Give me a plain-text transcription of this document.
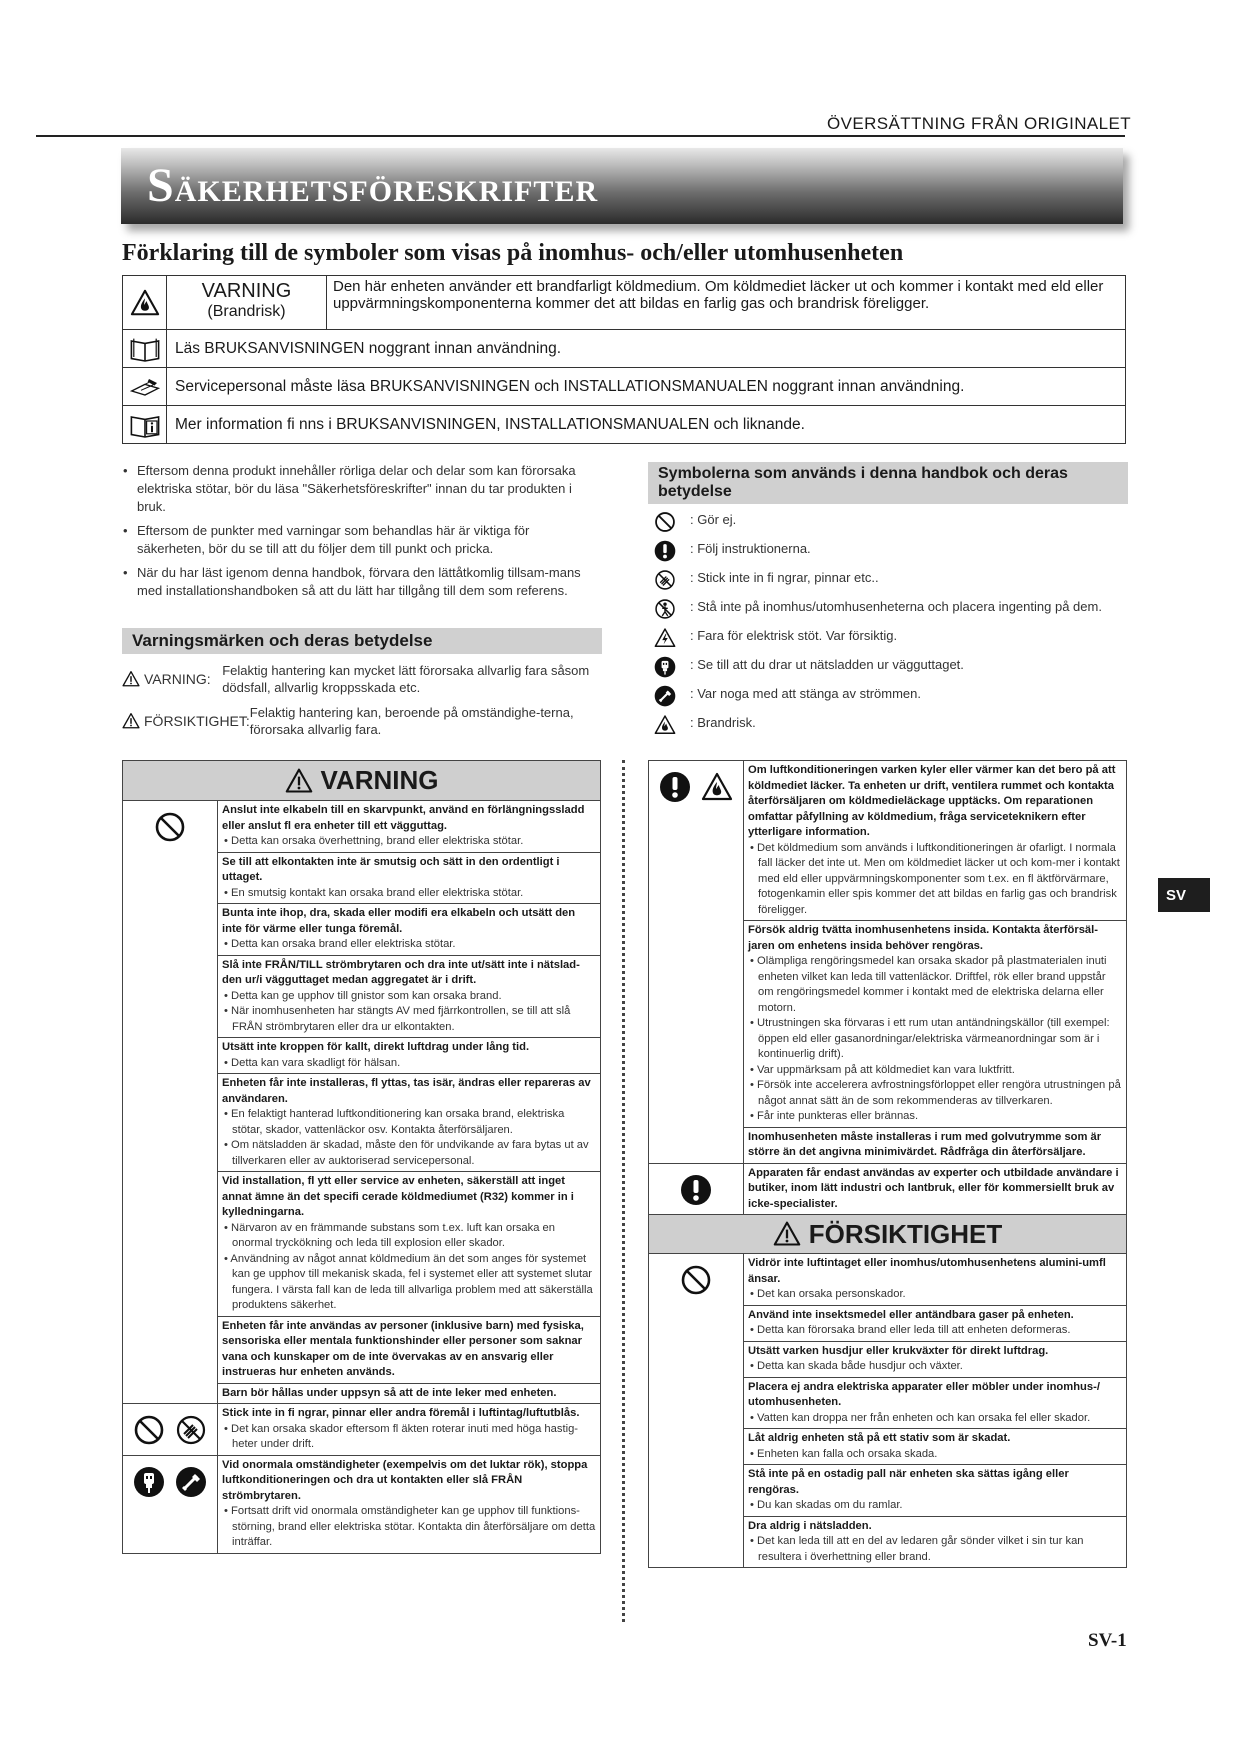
ÖVERSÄTTNING FRÅN ORIGINALET
SÄKERHETSFÖRESKRIFTER
Förklaring till de symboler som visas på inomhus- och/eller utomhusenheten
VARNING
(Brandrisk)
Den här enheten använder ett brandfarligt köldmedium. Om köldmediet läcker ut och kommer i kontakt med eld eller uppvärmningskomponenterna kommer det att bildas en farlig gas och brandrisk föreligger.
Läs BRUKSANVISNINGEN noggrant innan användning.
Servicepersonal måste läsa BRUKSANVISNINGEN och INSTALLATIONSMANUALEN noggrant innan användning.
Mer information fi nns i BRUKSANVISNINGEN, INSTALLATIONSMANUALEN och liknande.
• Eftersom denna produkt innehåller rörliga delar och delar som kan förorsaka elektriska stötar, bör du läsa "Säkerhetsföreskrifter" innan du tar produkten i bruk.
• Eftersom de punkter med varningar som behandlas här är viktiga för säkerheten, bör du se till att du följer dem till punkt och pricka.
• När du har läst igenom denna handbok, förvara den lättåtkomlig tillsam-mans med installationshandboken så att du lätt har tillgång till dem som referens.
Varningsmärken och deras betydelse
VARNING: Felaktig hantering kan mycket lätt förorsaka allvarlig fara såsom dödsfall, allvarlig kroppsskada etc.
FÖRSIKTIGHET: Felaktig hantering kan, beroende på omständighe-terna, förorsaka allvarlig fara.
Symbolerna som används i denna handbok och deras betydelse
: Gör ej.
: Följ instruktionerna.
: Stick inte in fi ngrar, pinnar etc..
: Stå inte på inomhus/utomhusenheterna och placera ingenting på dem.
: Fara för elektrisk stöt. Var försiktig.
: Se till att du drar ut nätsladden ur vägguttaget.
: Var noga med att stänga av strömmen.
: Brandrisk.
VARNING
Anslut inte elkabeln till en skarvpunkt, använd en förlängningssladd eller anslut fl era enheter till ett vägguttag.
• Detta kan orsaka överhettning, brand eller elektriska stötar.
Se till att elkontakten inte är smutsig och sätt in den ordentligt i uttaget.
• En smutsig kontakt kan orsaka brand eller elektriska stötar.
Bunta inte ihop, dra, skada eller modifi era elkabeln och utsätt den inte för värme eller tunga föremål.
• Detta kan orsaka brand eller elektriska stötar.
Slå inte FRÅN/TILL strömbrytaren och dra inte ut/sätt inte i nätslad-den ur/i vägguttaget medan aggregatet är i drift.
• Detta kan ge upphov till gnistor som kan orsaka brand.
• När inomhusenheten har stängts AV med fjärrkontrollen, se till att slå FRÅN strömbrytaren eller dra ur elkontakten.
Utsätt inte kroppen för kallt, direkt luftdrag under lång tid.
• Detta kan vara skadligt för hälsan.
Enheten får inte installeras, fl yttas, tas isär, ändras eller repareras av användaren.
• En felaktigt hanterad luftkonditionering kan orsaka brand, elektriska stötar, skador, vattenläckor osv. Kontakta återförsäljaren.
• Om nätsladden är skadad, måste den för undvikande av fara bytas ut av tillverkaren eller av auktoriserad servicepersonal.
Vid installation, fl ytt eller service av enheten, säkerställ att inget annat ämne än det specifi cerade köldmediumet (R32) kommer in i kylledningarna.
• Närvaron av en främmande substans som t.ex. luft kan orsaka en onormal tryckökning och leda till explosion eller skador.
• Användning av något annat köldmedium än det som anges för systemet kan ge upphov till mekanisk skada, fel i systemet eller att systemet slutar fungera. I värsta fall kan de leda till allvarliga problem med att säkerställa produktens säkerhet.
Enheten får inte användas av personer (inklusive barn) med fysiska, sensoriska eller mentala funktionshinder eller personer som saknar vana och kunskaper om de inte övervakas av en ansvarig eller instrueras hur enheten används.
Barn bör hållas under uppsyn så att de inte leker med enheten.
Stick inte in fi ngrar, pinnar eller andra föremål i luftintag/luftutblås.
• Det kan orsaka skador eftersom fl äkten roterar inuti med höga hastig-heter under drift.
Vid onormala omständigheter (exempelvis om det luktar rök), stoppa luftkonditioneringen och dra ut kontakten eller slå FRÅN strömbrytaren.
• Fortsatt drift vid onormala omständigheter kan ge upphov till funktions-störning, brand eller elektriska stötar. Kontakta din återförsäljare om detta inträffar.
Om luftkonditioneringen varken kyler eller värmer kan det bero på att köldmediet läcker. Ta enheten ur drift, ventilera rummet och kontakta återförsäljaren om köldmedieläckage upptäcks. Om reparationen omfattar påfyllning av köldmedium, fråga serviceteknikern efter ytterligare information.
• Det köldmedium som används i luftkonditioneringen är ofarligt. I normala fall läcker det inte ut. Men om köldmediet läcker ut och kom-mer i kontakt med eld eller uppvärmningskomponenter som t.ex. en fl äktförvärmare, fotogenkamin eller spis kommer det att bildas en farlig gas och brandrisk föreligger.
Försök aldrig tvätta inomhusenhetens insida. Kontakta återförsäl-jaren om enhetens insida behöver rengöras.
• Olämpliga rengöringsmedel kan orsaka skador på plastmaterialen inuti enheten vilket kan leda till vattenläckor. Driftfel, rök eller brand uppstår om rengöringsmedel kommer i kontakt med de elektriska delarna eller motorn.
• Utrustningen ska förvaras i ett rum utan antändningskällor (till exempel: öppen eld eller gasanordningar/elektriska värmeanordningar som är i kontinuerlig drift).
• Var uppmärksam på att köldmediet kan vara luktfritt.
• Försök inte accelerera avfrostningsförloppet eller rengöra utrustningen på något annat sätt än de som rekommenderas av tillverkaren.
• Får inte punkteras eller brännas.
Inomhusenheten måste installeras i rum med golvutrymme som är större än det angivna minimivärdet. Rådfråga din återförsäljare.
Apparaten får endast användas av experter och utbildade användare i butiker, inom lätt industri och lantbruk, eller för kommersiellt bruk av icke-specialister.
FÖRSIKTIGHET
Vidrör inte luftintaget eller inomhus/utomhusenhetens alumini-umfl änsar.
• Det kan orsaka personskador.
Använd inte insektsmedel eller antändbara gaser på enheten.
• Detta kan förorsaka brand eller leda till att enheten deformeras.
Utsätt varken husdjur eller krukväxter för direkt luftdrag.
• Detta kan skada både husdjur och växter.
Placera ej andra elektriska apparater eller möbler under inomhus-/ utomhusenheten.
• Vatten kan droppa ner från enheten och kan orsaka fel eller skador.
Låt aldrig enheten stå på ett stativ som är skadat.
• Enheten kan falla och orsaka skada.
Stå inte på en ostadig pall när enheten ska sättas igång eller rengöras.
• Du kan skadas om du ramlar.
Dra aldrig i nätsladden.
• Det kan leda till att en del av ledaren går sönder vilket i sin tur kan resultera i överhettning eller brand.
SV
SV-1
